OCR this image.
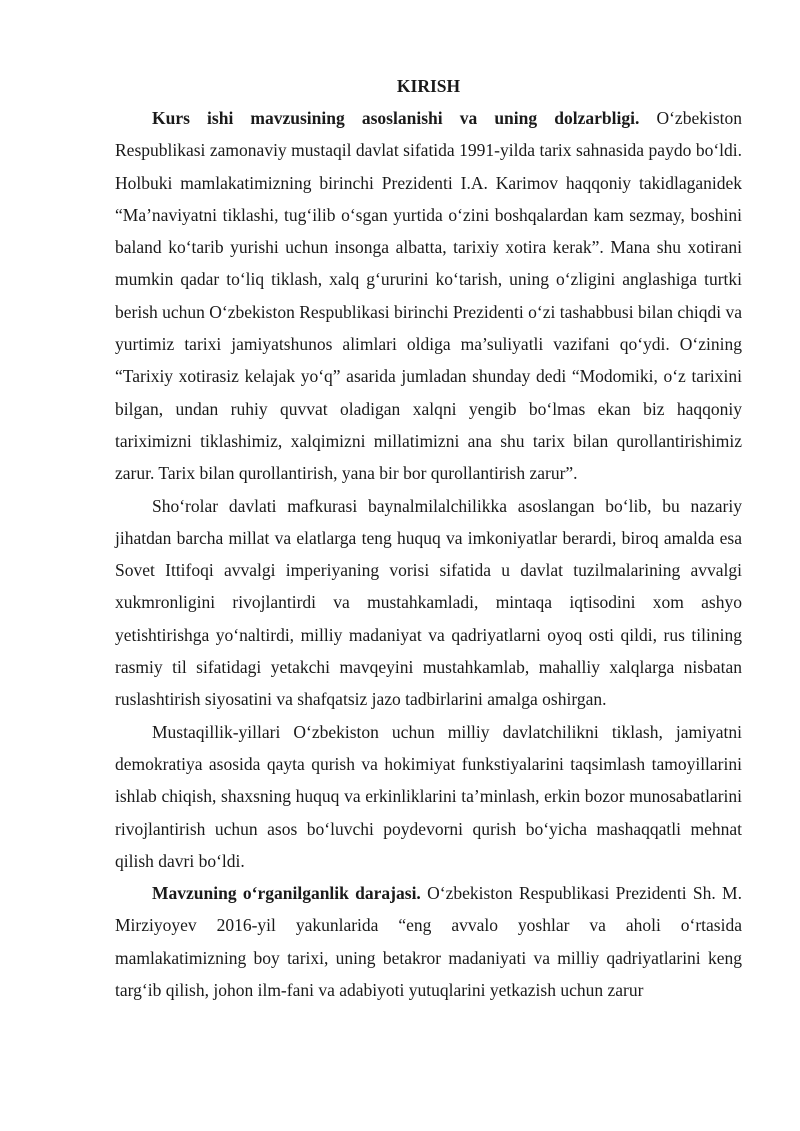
KIRISH

Kurs ishi mavzusining asoslanishi va uning dolzarbligi. O‘zbekiston Respublikasi zamonaviy mustaqil davlat sifatida 1991-yilda tarix sahnasida paydo bo‘ldi. Holbuki mamlakatimizning birinchi Prezidenti I.A. Karimov haqqoniy takidlaganidek “Ma’naviyatni tiklashi, tug‘ilib o‘sgan yurtida o‘zini boshqalardan kam sezmay, boshini baland ko‘tarib yurishi uchun insonga albatta, tarixiy xotira kerak”. Mana shu xotirani mumkin qadar to‘liq tiklash, xalq g‘ururini ko‘tarish, uning o‘zligini anglashiga turtki berish uchun O‘zbekiston Respublikasi birinchi Prezidenti o‘zi tashabbusi bilan chiqdi va yurtimiz tarixi jamiyatshunos alimlari oldiga ma’suliyatli vazifani qo‘ydi. O‘zining “Tarixiy xotirasiz kelajak yo‘q” asarida jumladan shunday dedi “Modomiki, o‘z tarixini bilgan, undan ruhiy quvvat oladigan xalqni yengib bo‘lmas ekan biz haqqoniy tariximizni tiklashimiz, xalqimizni millatimizni ana shu tarix bilan qurollantirishimiz zarur. Tarix bilan qurollantirish, yana bir bor qurollantirish zarur”.

Sho‘rolar davlati mafkurasi baynalmilalchilikka asoslangan bo‘lib, bu nazariy jihatdan barcha millat va elatlarga teng huquq va imkoniyatlar berardi, biroq amalda esa Sovet Ittifoqi avvalgi imperiyaning vorisi sifatida u davlat tuzilmalarining avvalgi xukmronligini rivojlantirdi va mustahkamladi, mintaqa iqtisodini xom ashyo yetishtirishga yo‘naltirdi, milliy madaniyat va qadriyatlarni oyoq osti qildi, rus tilining rasmiy til sifatidagi yetakchi mavqeyini mustahkamlab, mahalliy xalqlarga nisbatan ruslashtirish siyosatini va shafqatsiz jazo tadbirlarini amalga oshirgan.

Mustaqillik-yillari O‘zbekiston uchun milliy davlatchilikni tiklash, jamiyatni demokratiya asosida qayta qurish va hokimiyat funkstiyalarini taqsimlash tamoyillarini ishlab chiqish, shaxsning huquq va erkinliklarini ta’minlash, erkin bozor munosabatlarini rivojlantirish uchun asos bo‘luvchi poydevorni qurish bo‘yicha mashaqqatli mehnat qilish davri bo‘ldi.

Mavzuning o‘rganilganlik darajasi. O‘zbekiston Respublikasi Prezidenti Sh. M. Mirziyoyev 2016-yil yakunlarida “eng avvalo yoshlar va aholi o‘rtasida mamlakatimizning boy tarixi, uning betakror madaniyati va milliy qadriyatlarini keng targ‘ib qilish, johon ilm-fani va adabiyoti yutuqlarini yetkazish uchun zarur
